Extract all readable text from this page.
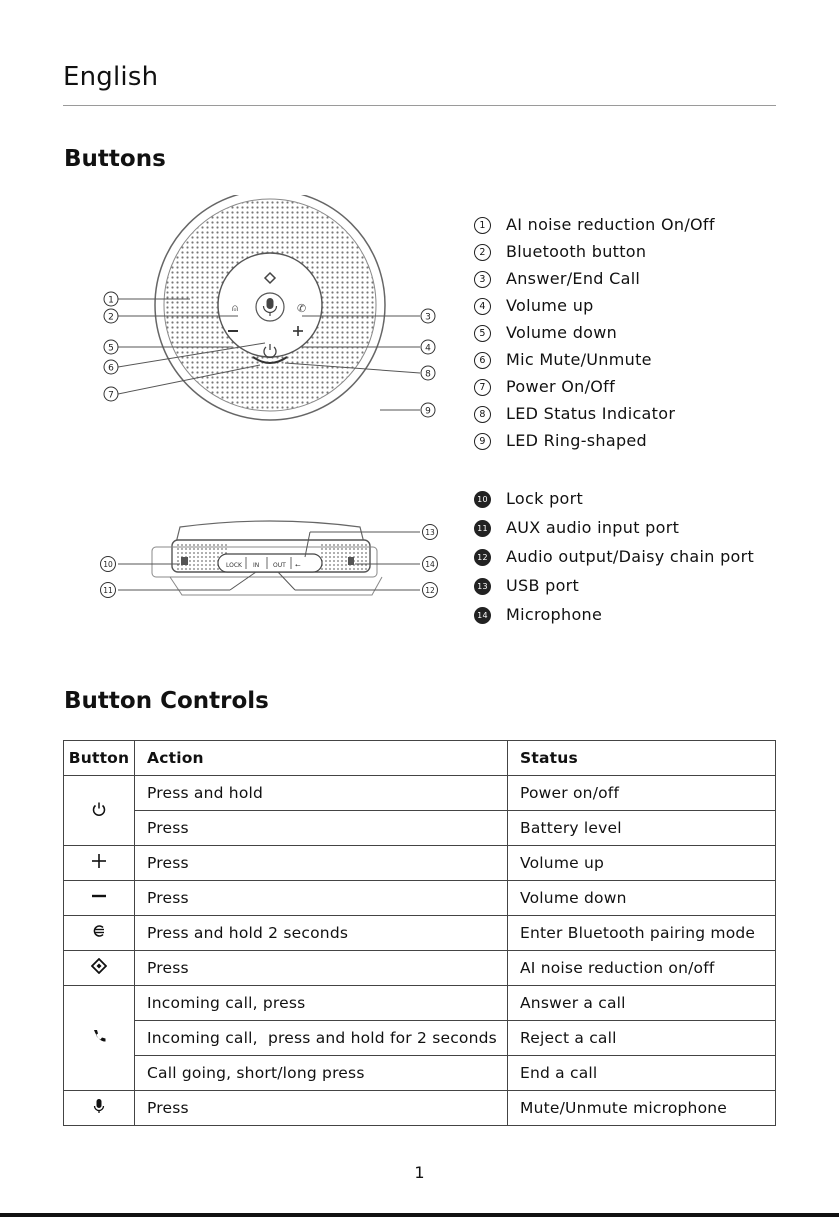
English
Buttons
⍝	✆
1
2
5
6
7
3
4
8
9
LOCK IN OUT ⭠
10
11
13
14
12
1 AI noise reduction On/Off
2 Bluetooth button
3 Answer/End Call
4 Volume up
5 Volume down
6 Mic Mute/Unmute
7 Power On/Off
8 LED Status Indicator
9 LED Ring-shaped
10 Lock port
11 AUX audio input port
12 Audio output/Daisy chain port
13 USB port
14 Microphone
Button Controls
Button	Action	Status
	Press and hold	Power on/off
	Press	Battery level
	Press	Volume up
	Press	Volume down
	Press and hold 2 seconds	Enter Bluetooth pairing mode
	Press	AI noise reduction on/off
	Incoming call, press	Answer a call
	Incoming call,  press and hold for 2 seconds	Reject a call
	Call going, short/long press	End a call
	Press	Mute/Unmute microphone
1
